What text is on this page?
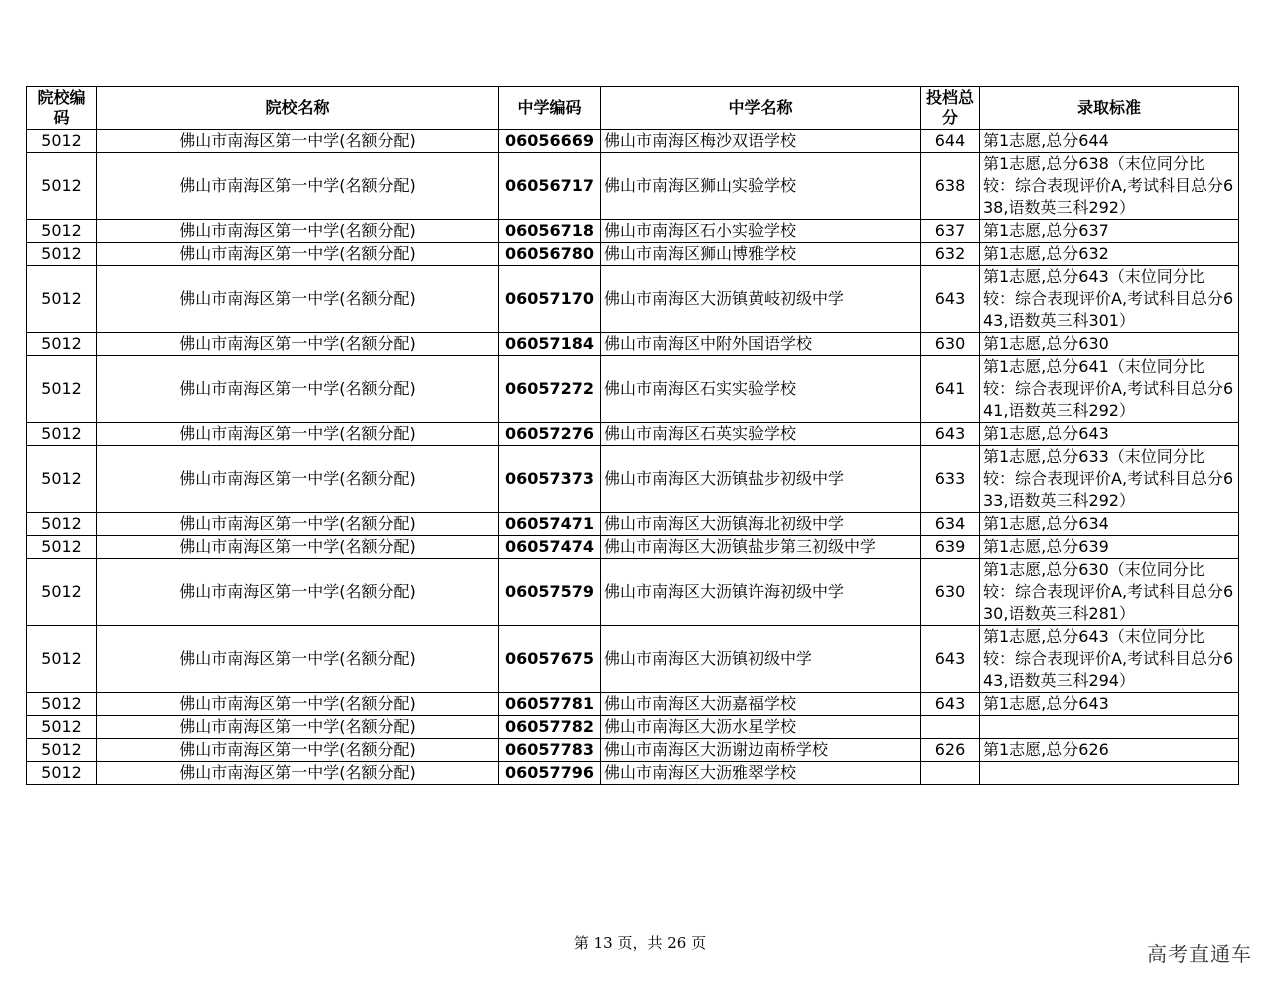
院校编码	院校名称	中学编码	中学名称	投档总分	录取标准
5012	佛山市南海区第一中学(名额分配)	06056669	佛山市南海区梅沙双语学校	644	第1志愿,总分644
5012	佛山市南海区第一中学(名额分配)	06056717	佛山市南海区狮山实验学校	638	第1志愿,总分638（末位同分比较：综合表现评价A,考试科目总分638,语数英三科292）
5012	佛山市南海区第一中学(名额分配)	06056718	佛山市南海区石小实验学校	637	第1志愿,总分637
5012	佛山市南海区第一中学(名额分配)	06056780	佛山市南海区狮山博雅学校	632	第1志愿,总分632
5012	佛山市南海区第一中学(名额分配)	06057170	佛山市南海区大沥镇黄岐初级中学	643	第1志愿,总分643（末位同分比较：综合表现评价A,考试科目总分643,语数英三科301）
5012	佛山市南海区第一中学(名额分配)	06057184	佛山市南海区中附外国语学校	630	第1志愿,总分630
5012	佛山市南海区第一中学(名额分配)	06057272	佛山市南海区石实实验学校	641	第1志愿,总分641（末位同分比较：综合表现评价A,考试科目总分641,语数英三科292）
5012	佛山市南海区第一中学(名额分配)	06057276	佛山市南海区石英实验学校	643	第1志愿,总分643
5012	佛山市南海区第一中学(名额分配)	06057373	佛山市南海区大沥镇盐步初级中学	633	第1志愿,总分633（末位同分比较：综合表现评价A,考试科目总分633,语数英三科292）
5012	佛山市南海区第一中学(名额分配)	06057471	佛山市南海区大沥镇海北初级中学	634	第1志愿,总分634
5012	佛山市南海区第一中学(名额分配)	06057474	佛山市南海区大沥镇盐步第三初级中学	639	第1志愿,总分639
5012	佛山市南海区第一中学(名额分配)	06057579	佛山市南海区大沥镇许海初级中学	630	第1志愿,总分630（末位同分比较：综合表现评价A,考试科目总分630,语数英三科281）
5012	佛山市南海区第一中学(名额分配)	06057675	佛山市南海区大沥镇初级中学	643	第1志愿,总分643（末位同分比较：综合表现评价A,考试科目总分643,语数英三科294）
5012	佛山市南海区第一中学(名额分配)	06057781	佛山市南海区大沥嘉福学校	643	第1志愿,总分643
5012	佛山市南海区第一中学(名额分配)	06057782	佛山市南海区大沥水星学校		
5012	佛山市南海区第一中学(名额分配)	06057783	佛山市南海区大沥谢边南桥学校	626	第1志愿,总分626
5012	佛山市南海区第一中学(名额分配)	06057796	佛山市南海区大沥雅翠学校		
第 13 页，共 26 页	高考直通车
